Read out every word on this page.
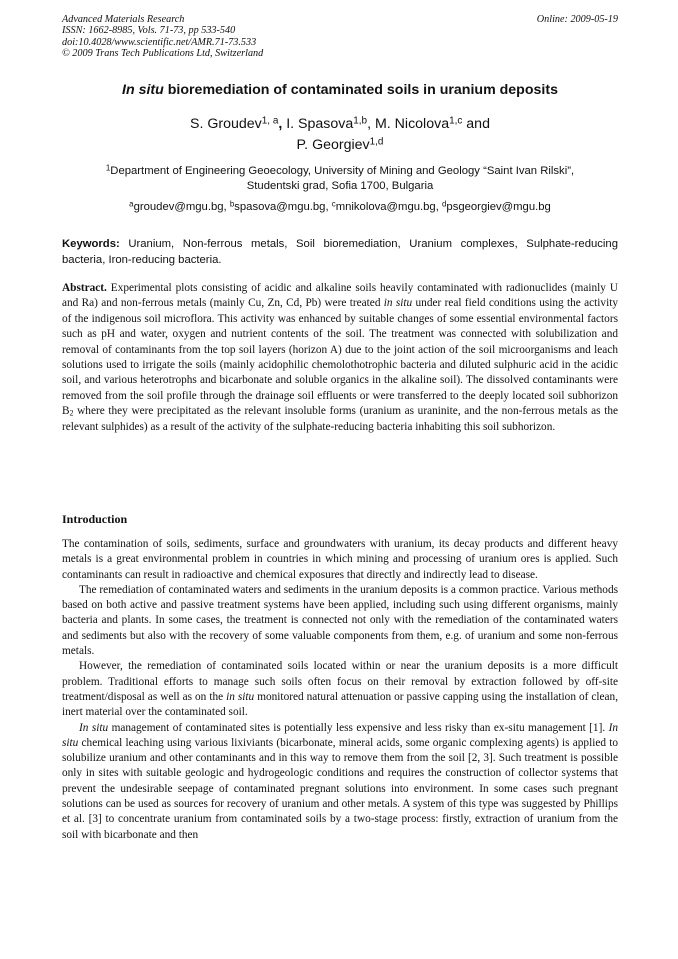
Advanced Materials Research
ISSN: 1662-8985, Vols. 71-73, pp 533-540
doi:10.4028/www.scientific.net/AMR.71-73.533
© 2009 Trans Tech Publications Ltd, Switzerland
Online: 2009-05-19
In situ bioremediation of contaminated soils in uranium deposits
S. Groudev$^{1, a}$, I. Spasova$^{1,b}$, M. Nicolova$^{1,c}$ and
P. Georgiev$^{1,d}$
$^1$Department of Engineering Geoecology, University of Mining and Geology “Saint Ivan Rilski”,
Studentski grad, Sofia 1700, Bulgaria
$^a$groudev@mgu.bg, $^b$spasova@mgu.bg, $^c$mnikolova@mgu.bg, $^d$psgeorgiev@mgu.bg
Keywords: Uranium, Non-ferrous metals, Soil bioremediation, Uranium complexes, Sulphate-reducing bacteria, Iron-reducing bacteria.
Abstract. Experimental plots consisting of acidic and alkaline soils heavily contaminated with radionuclides (mainly U and Ra) and non-ferrous metals (mainly Cu, Zn, Cd, Pb) were treated in situ under real field conditions using the activity of the indigenous soil microflora. This activity was enhanced by suitable changes of some essential environmental factors such as pH and water, oxygen and nutrient contents of the soil. The treatment was connected with solubilization and removal of contaminants from the top soil layers (horizon A) due to the joint action of the soil microorganisms and leach solutions used to irrigate the soils (mainly acidophilic chemolothotrophic bacteria and diluted sulphuric acid in the acidic soil, and various heterotrophs and bicarbonate and soluble organics in the alkaline soil). The dissolved contaminants were removed from the soil profile through the drainage soil effluents or were transferred to the deeply located soil subhorizon $B_2$ where they were precipitated as the relevant insoluble forms (uranium as uraninite, and the non-ferrous metals as the relevant sulphides) as a result of the activity of the sulphate-reducing bacteria inhabiting this soil subhorizon.
Introduction

The contamination of soils, sediments, surface and groundwaters with uranium, its decay products and different heavy metals is a great environmental problem in countries in which mining and processing of uranium ores is applied. Such contaminants can result in radioactive and chemical exposures that directly and indirectly lead to disease.

The remediation of contaminated waters and sediments in the uranium deposits is a common practice. Various methods based on both active and passive treatment systems have been applied, including such using different organisms, mainly bacteria and plants. In some cases, the treatment is connected not only with the remediation of the contaminated waters and sediments but also with the recovery of some valuable components from them, e.g. of uranium and some non-ferrous metals.

However, the remediation of contaminated soils located within or near the uranium deposits is a more difficult problem. Traditional efforts to manage such soils often focus on their removal by extraction followed by off-site treatment/disposal as well as on the in situ monitored natural attenuation or passive capping using the installation of clean, inert material over the contaminated soil.

In situ management of contaminated sites is potentially less expensive and less risky than ex-situ management [1]. In situ chemical leaching using various lixiviants (bicarbonate, mineral acids, some organic complexing agents) is applied to solubilize uranium and other contaminants and in this way to remove them from the soil [2, 3]. Such treatment is possible only in sites with suitable geologic and hydrogeologic conditions and requires the construction of collector systems that prevent the undesirable seepage of contaminated pregnant solutions into environment. In some cases such pregnant solutions can be used as sources for recovery of uranium and other metals. A system of this type was suggested by Phillips et al. [3] to concentrate uranium from contaminated soils by a two-stage process: firstly, extraction of uranium from the soil with bicarbonate and then
